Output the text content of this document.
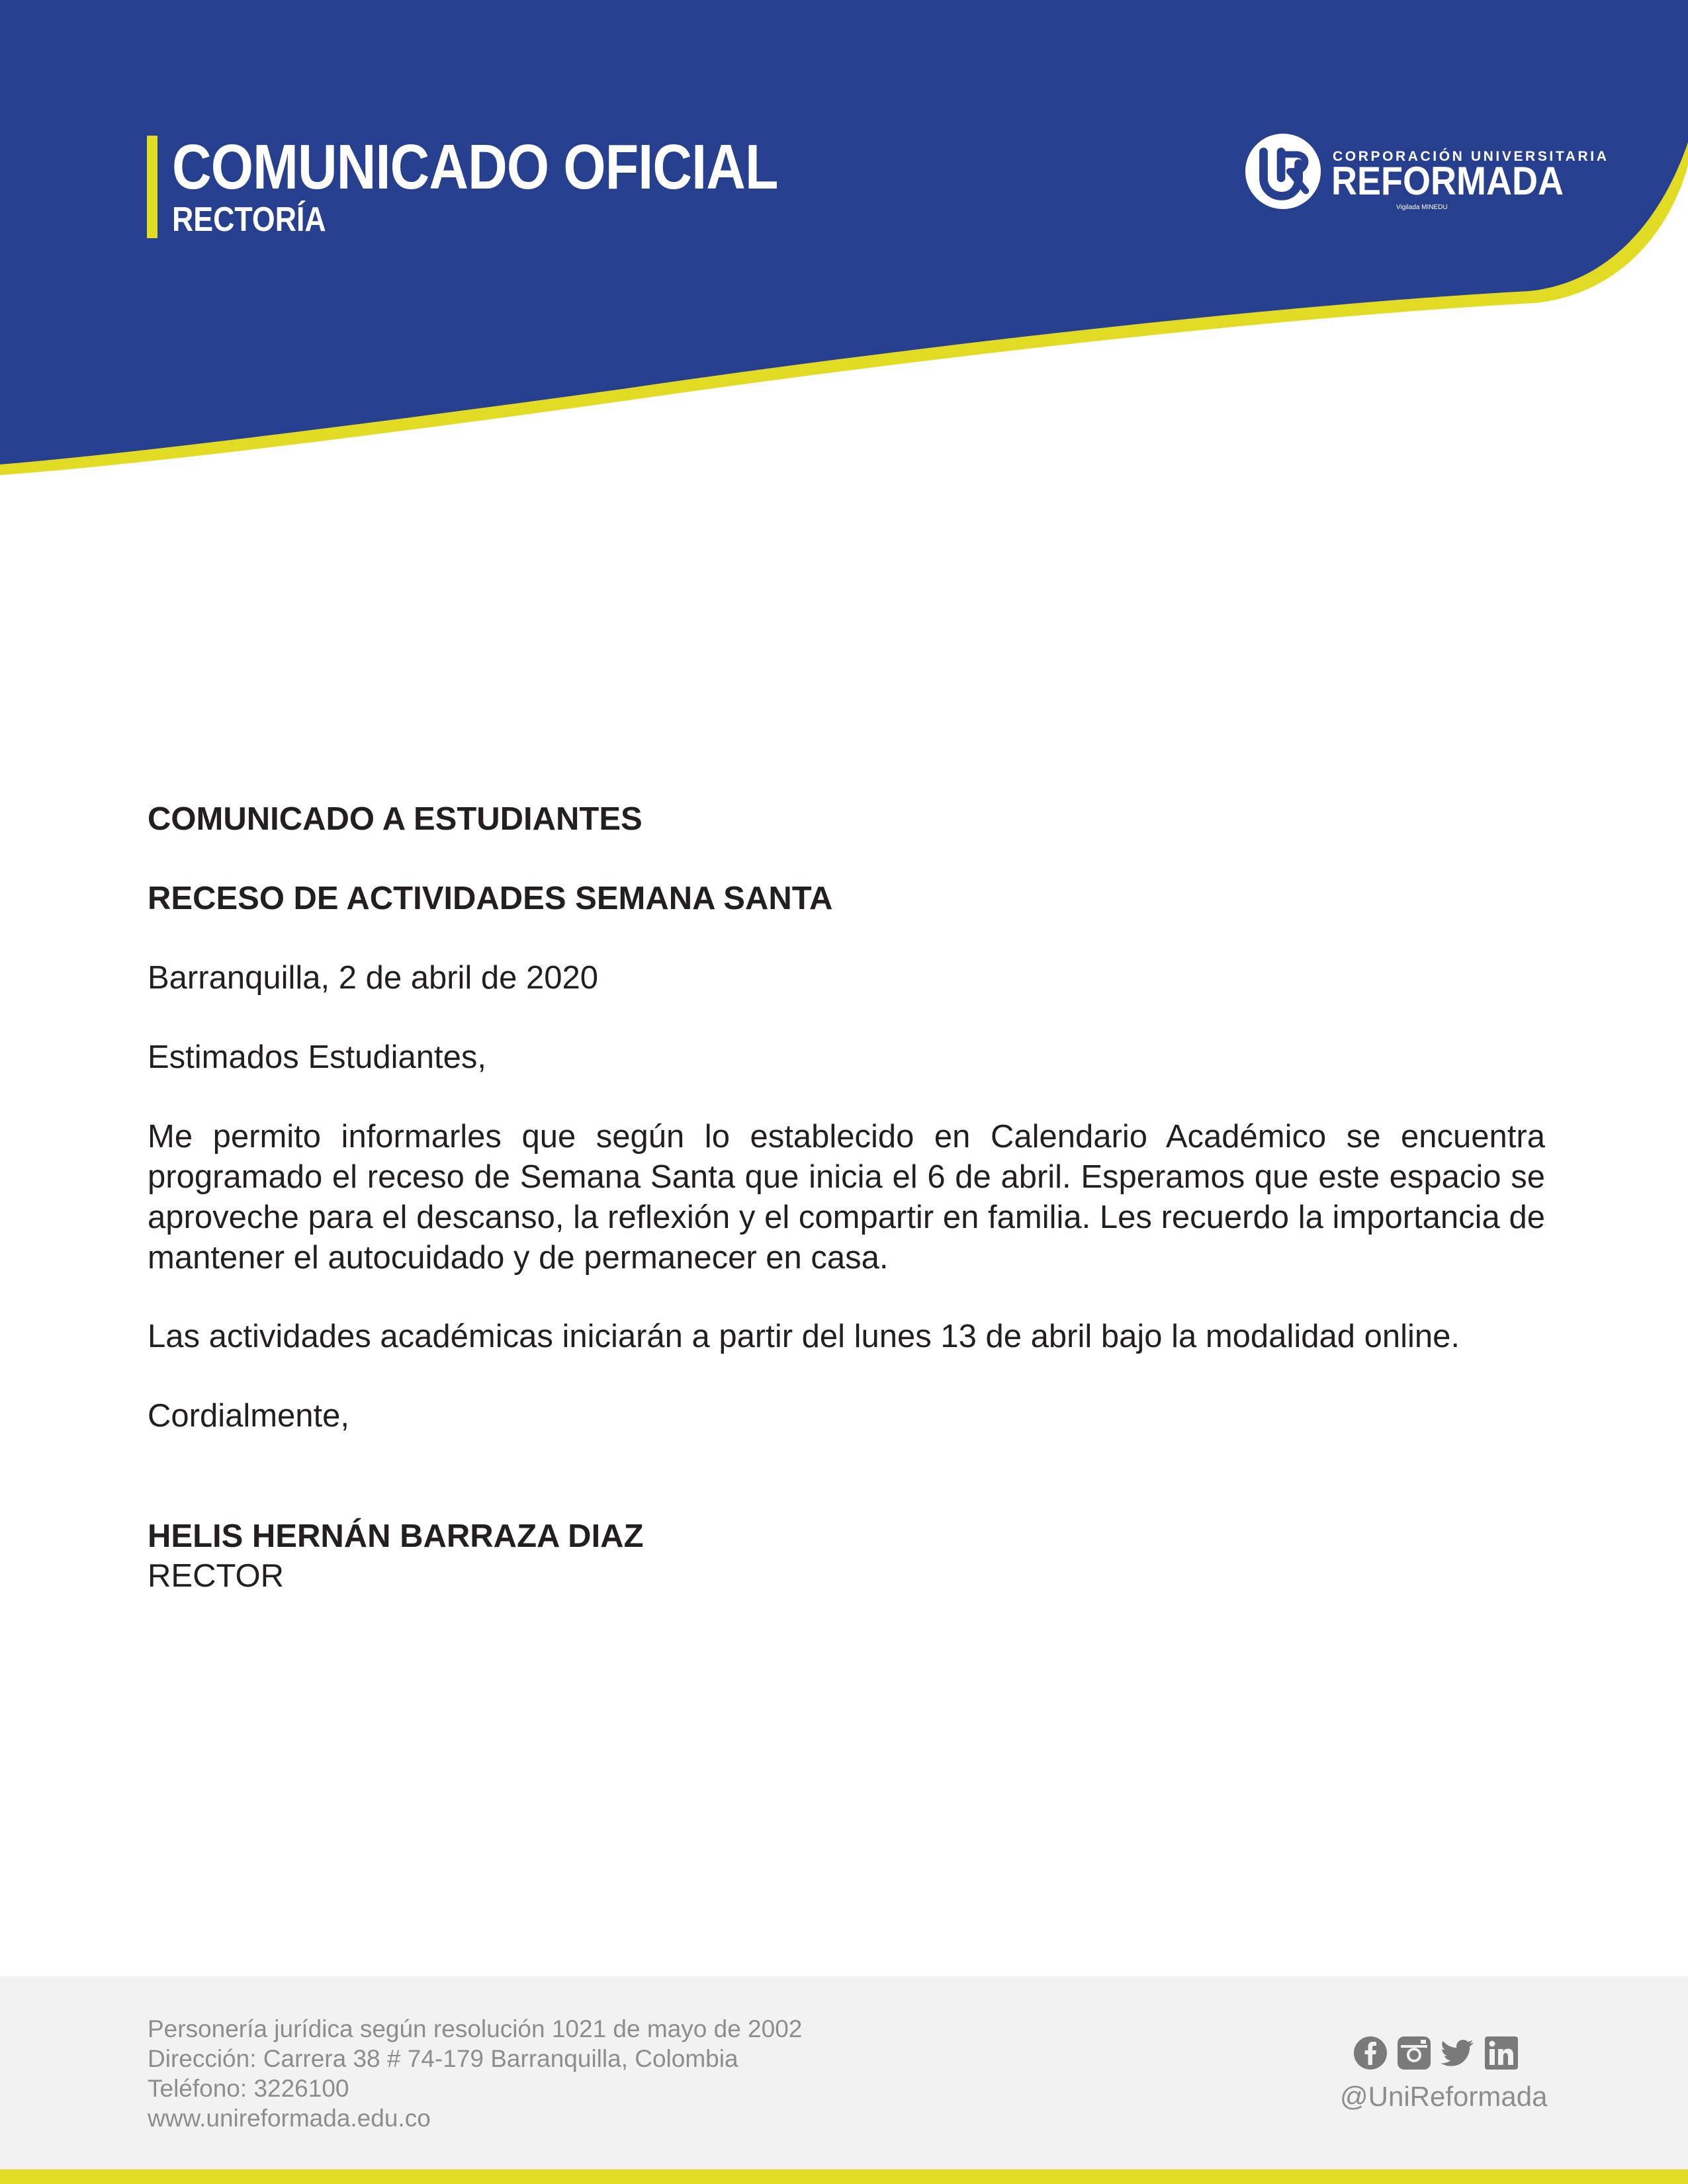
COMUNICADO OFICIAL
RECTORÍA
CORPORACIÓN UNIVERSITARIA
REFORMADA
Vigilada MINEDU

COMUNICADO A ESTUDIANTES

RECESO DE ACTIVIDADES SEMANA SANTA

Barranquilla, 2 de abril de 2020

Estimados Estudiantes,

Me permito informarles que según lo establecido en Calendario Académico se encuentra programado el receso de Semana Santa que inicia el 6 de abril. Esperamos que este espacio se aproveche para el descanso, la reflexión y el compartir en familia. Les recuerdo la importancia de mantener el autocuidado y de permanecer en casa.

Las actividades académicas iniciarán a partir del lunes 13 de abril bajo la modalidad online.

Cordialmente,

HELIS HERNÁN BARRAZA DIAZ

RECTOR

Personería jurídica según resolución 1021 de mayo de 2002
Dirección: Carrera 38 # 74-179 Barranquilla, Colombia
Teléfono: 3226100
www.unireformada.edu.co
@UniReformada
